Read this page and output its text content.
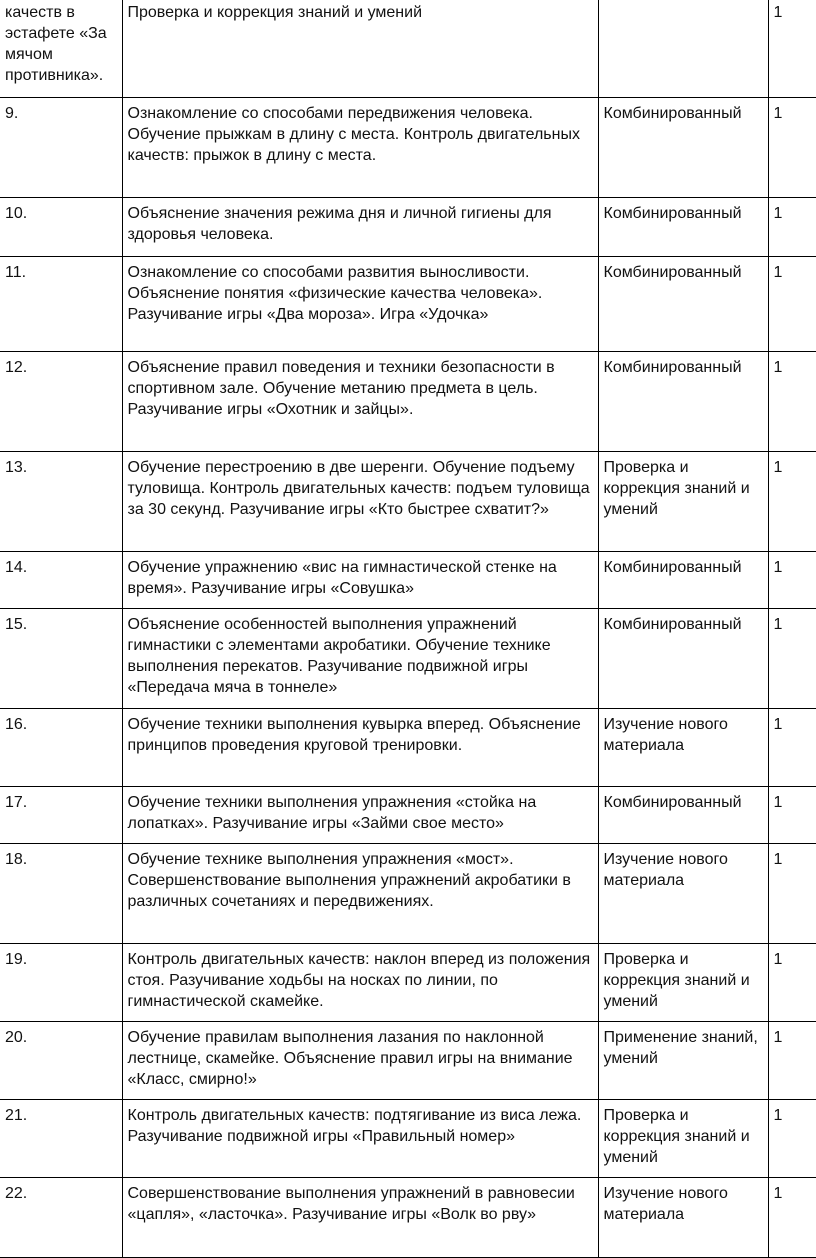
качеств в эстафете «За мячом противника».	Проверка и коррекция знаний и умений		1
9.	Ознакомление со способами передвижения человека. Обучение прыжкам в длину с места. Контроль двигательных качеств: прыжок в длину с места.	Комбинированный	1
10.	Объяснение значения режима дня и личной гигиены для здоровья человека.	Комбинированный	1
11.	Ознакомление со способами развития выносливости. Объяснение понятия «физические качества человека». Разучивание игры «Два мороза». Игра «Удочка»	Комбинированный	1
12.	Объяснение правил поведения и техники безопасности в спортивном зале. Обучение метанию предмета в цель. Разучивание игры «Охотник и зайцы».	Комбинированный	1
13.	Обучение перестроению в две шеренги. Обучение подъему туловища. Контроль двигательных качеств: подъем туловища за 30 секунд. Разучивание игры «Кто быстрее схватит?»	Проверка и коррекция знаний и умений	1
14.	Обучение упражнению «вис на гимнастической стенке на время». Разучивание игры «Совушка»	Комбинированный	1
15.	Объяснение особенностей выполнения упражнений гимнастики с элементами акробатики. Обучение технике выполнения перекатов. Разучивание подвижной игры «Передача мяча в тоннеле»	Комбинированный	1
16.	Обучение техники выполнения кувырка вперед. Объяснение принципов проведения круговой тренировки.	Изучение нового материала	1
17.	Обучение техники выполнения упражнения «стойка на лопатках». Разучивание игры «Займи свое место»	Комбинированный	1
18.	Обучение технике выполнения упражнения «мост». Совершенствование выполнения упражнений акробатики в различных сочетаниях и передвижениях.	Изучение нового материала	1
19.	Контроль двигательных качеств: наклон вперед из положения стоя. Разучивание ходьбы на носках по линии, по гимнастической скамейке.	Проверка и коррекция знаний и умений	1
20.	Обучение правилам выполнения лазания по наклонной лестнице, скамейке. Объяснение правил игры на внимание «Класс, смирно!»	Применение знаний, умений	1
21.	Контроль двигательных качеств: подтягивание из виса лежа. Разучивание подвижной игры «Правильный номер»	Проверка и коррекция знаний и умений	1
22.	Совершенствование выполнения упражнений в равновесии «цапля», «ласточка». Разучивание игры «Волк во рву»	Изучение нового материала	1
